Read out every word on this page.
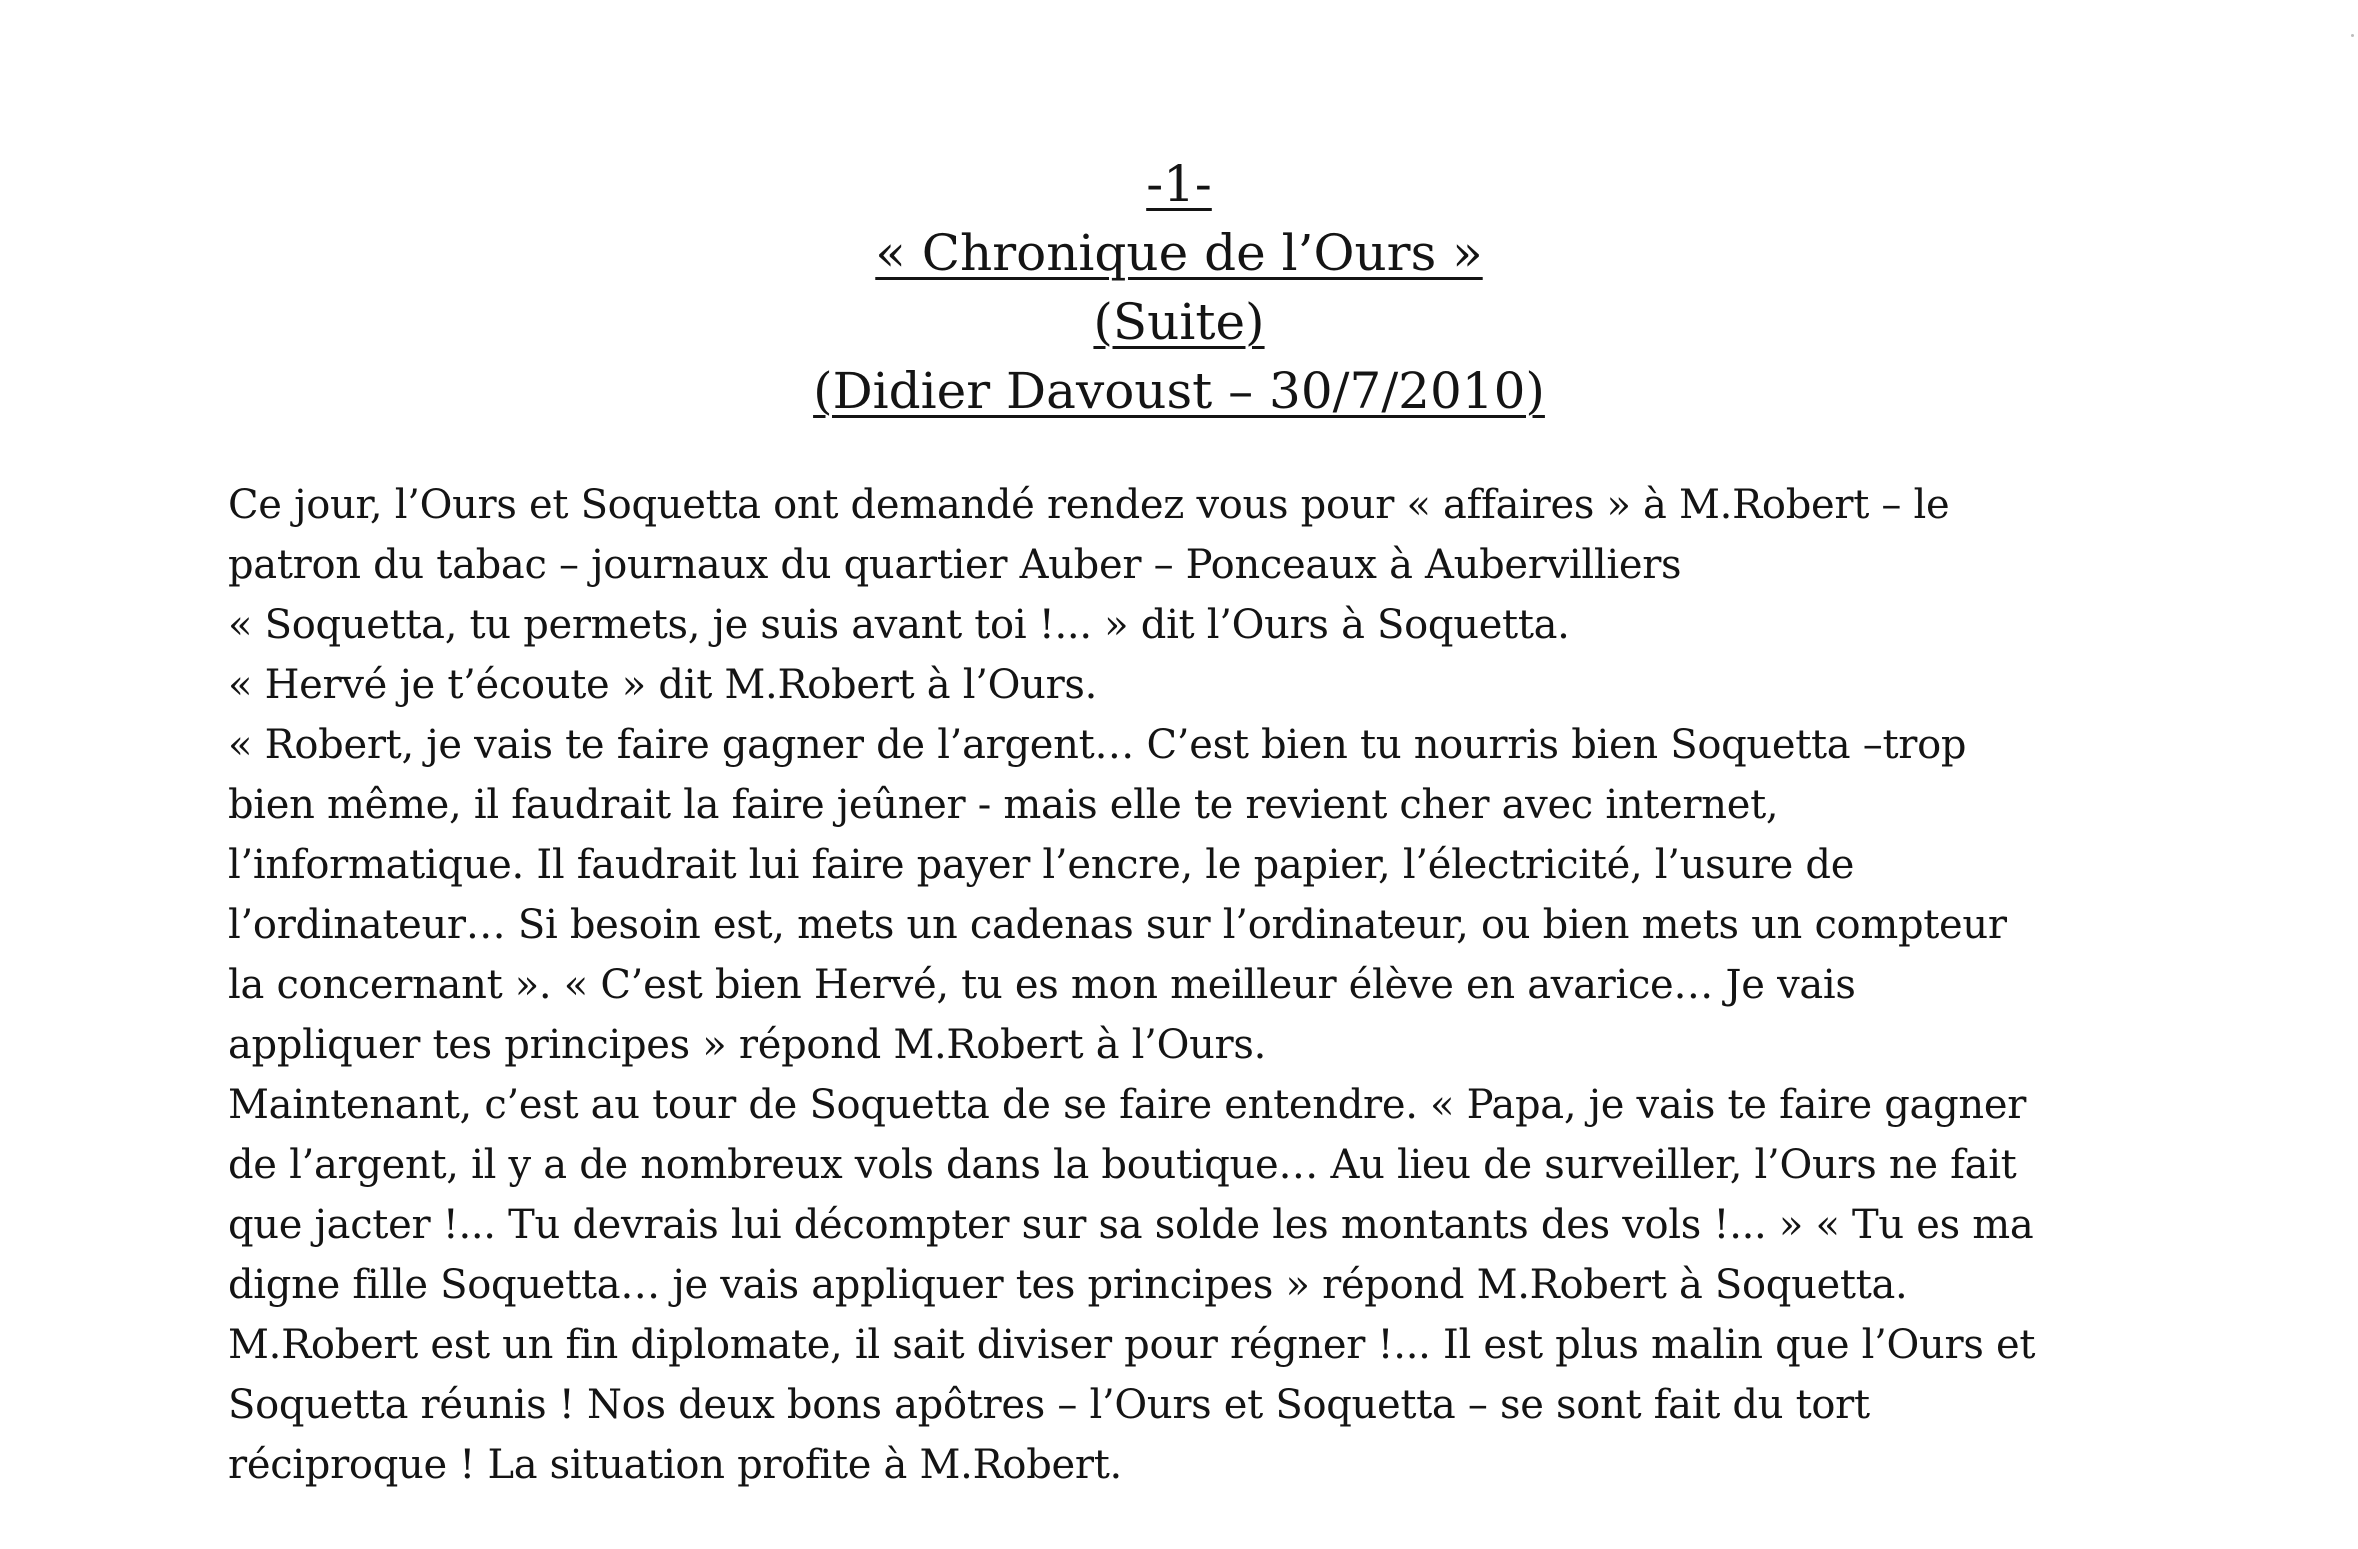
-1-
« Chronique de l’Ours »
(Suite)
(Didier Davoust – 30/7/2010)
Ce jour, l’Ours et Soquetta ont demandé rendez vous pour « affaires » à M.Robert – le
patron du tabac – journaux du quartier Auber – Ponceaux à Aubervilliers
« Soquetta, tu permets, je suis avant toi !... » dit l’Ours à Soquetta.
« Hervé je t’écoute » dit M.Robert à l’Ours.
« Robert, je vais te faire gagner de l’argent… C’est bien tu nourris bien Soquetta –trop
bien même, il faudrait la faire jeûner - mais elle te revient cher avec internet,
l’informatique. Il faudrait lui faire payer l’encre, le papier, l’électricité, l’usure de
l’ordinateur… Si besoin est, mets un cadenas sur l’ordinateur, ou bien mets un compteur
la concernant ». « C’est bien Hervé, tu es mon meilleur élève en avarice… Je vais
appliquer tes principes » répond M.Robert à l’Ours.
Maintenant, c’est au tour de Soquetta de se faire entendre. « Papa, je vais te faire gagner
de l’argent, il y a de nombreux vols dans la boutique… Au lieu de surveiller, l’Ours ne fait
que jacter !... Tu devrais lui décompter sur sa solde les montants des vols !... » « Tu es ma
digne fille Soquetta… je vais appliquer tes principes » répond M.Robert à Soquetta.
M.Robert est un fin diplomate, il sait diviser pour régner !... Il est plus malin que l’Ours et
Soquetta réunis ! Nos deux bons apôtres – l’Ours et Soquetta – se sont fait du tort
réciproque ! La situation profite à M.Robert.
